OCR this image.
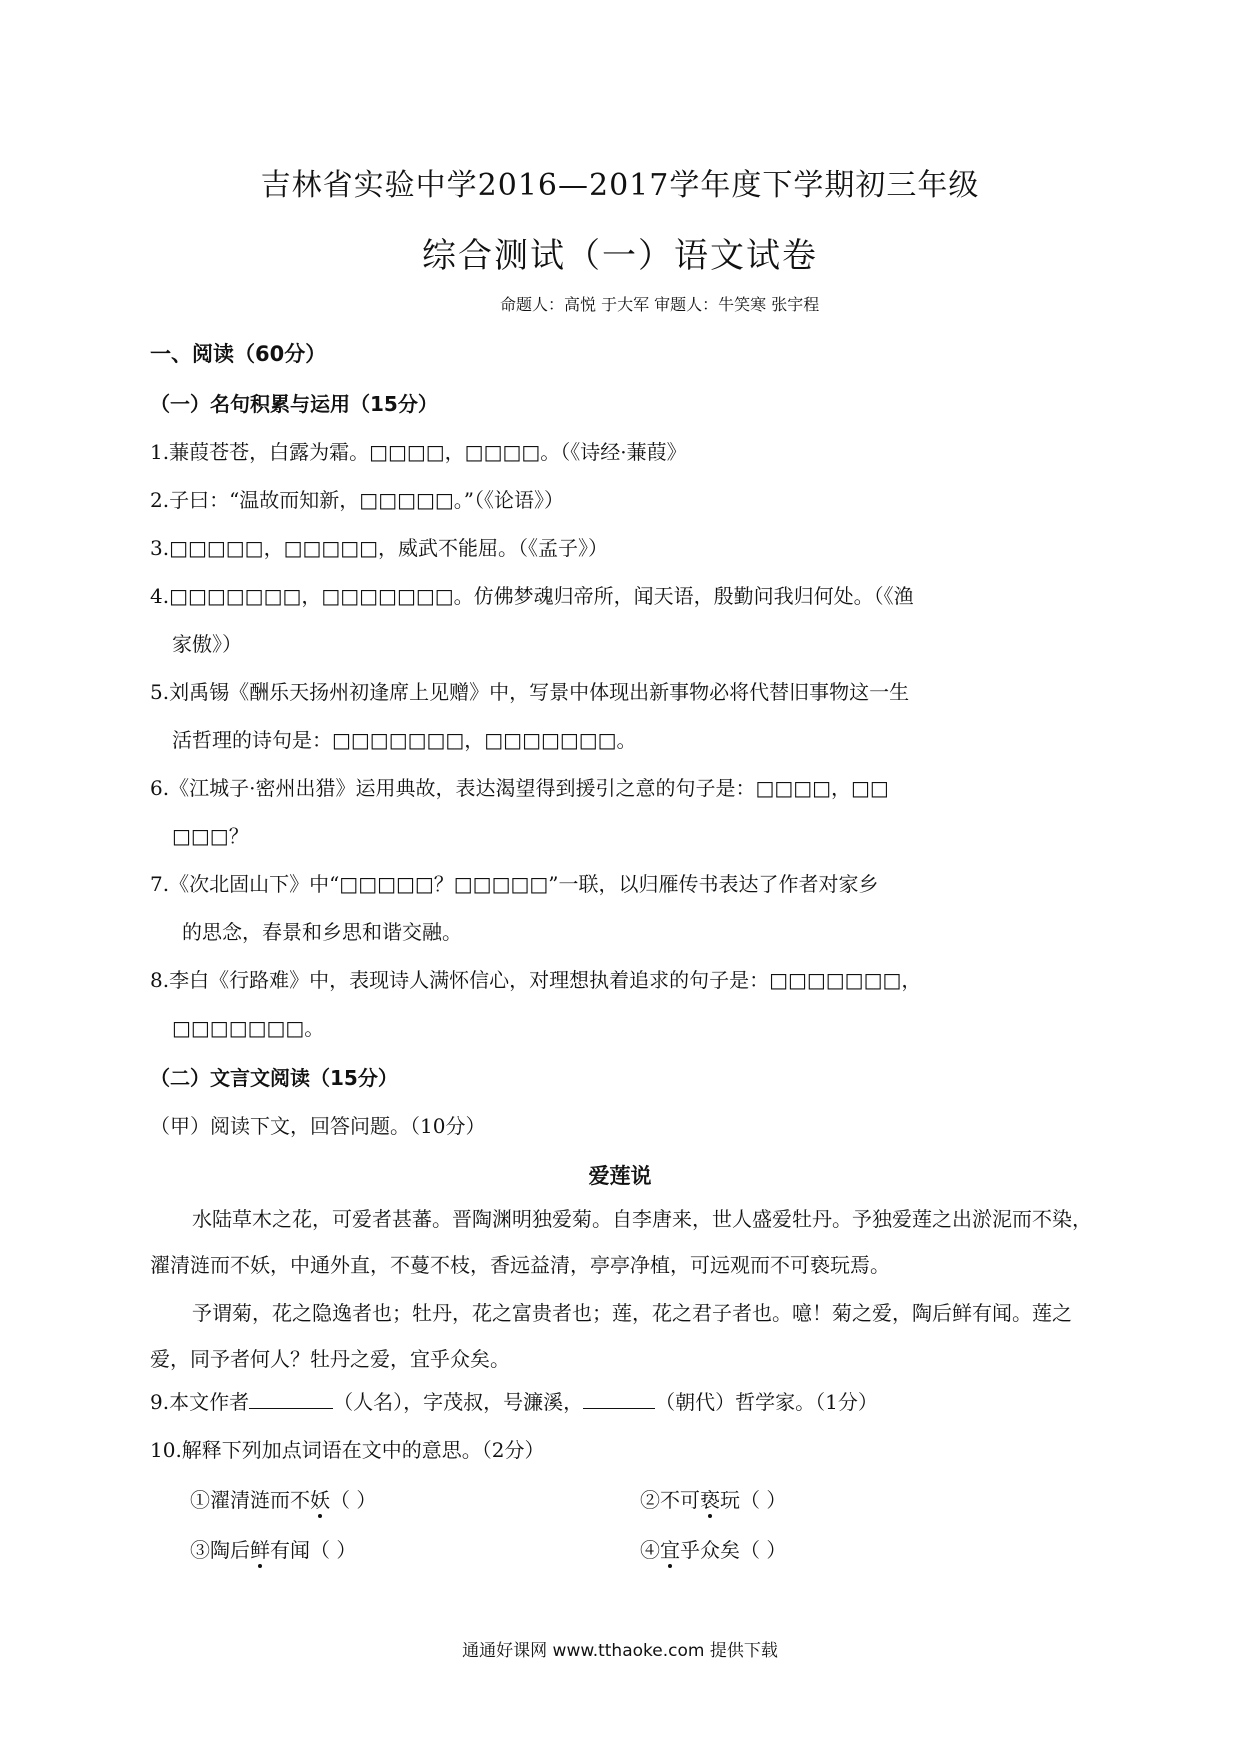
吉林省实验中学2016—2017学年度下学期初三年级
综合测试（一）语文试卷
命题人：高悦 于大军 审题人：牛笑寒 张宇程
一、阅读（60分）
（一）名句积累与运用（15分）
1.蒹葭苍苍，白露为霜。□□□□，□□□□。（《诗经·蒹葭》
2.子曰：“温故而知新，□□□□□。”（《论语》）
3.□□□□□，□□□□□，威武不能屈。（《孟子》）
4.□□□□□□□，□□□□□□□。仿佛梦魂归帝所，闻天语，殷勤问我归何处。（《渔
家傲》）
5.刘禹锡《酬乐天扬州初逢席上见赠》中，写景中体现出新事物必将代替旧事物这一生
活哲理的诗句是：□□□□□□□，□□□□□□□。
6.《江城子·密州出猎》运用典故，表达渴望得到援引之意的句子是：□□□□，□□
□□□？
7.《次北固山下》中“□□□□□？□□□□□”一联，以归雁传书表达了作者对家乡
的思念，春景和乡思和谐交融。
8.李白《行路难》中，表现诗人满怀信心，对理想执着追求的句子是：□□□□□□□，
□□□□□□□。
（二）文言文阅读（15分）
（甲）阅读下文，回答问题。（10分）
爱莲说
水陆草木之花，可爱者甚蕃。晋陶渊明独爱菊。自李唐来，世人盛爱牡丹。予独爱莲之出淤泥而不染，濯清涟而不妖，中通外直，不蔓不枝，香远益清，亭亭净植，可远观而不可亵玩焉。
予谓菊，花之隐逸者也；牡丹，花之富贵者也；莲，花之君子者也。噫！菊之爱，陶后鲜有闻。莲之爱，同予者何人？牡丹之爱，宜乎众矣。
9.本文作者	（人名），字茂叔，号濂溪，	（朝代）哲学家。（1分）
10.解释下列加点词语在文中的意思。（2分）
①濯清涟而不妖（ ）	②不可亵玩（ ）
③陶后鲜有闻（ ）	④宜乎众矣（ ）
通通好课网 www.tthaoke.com 提供下载
